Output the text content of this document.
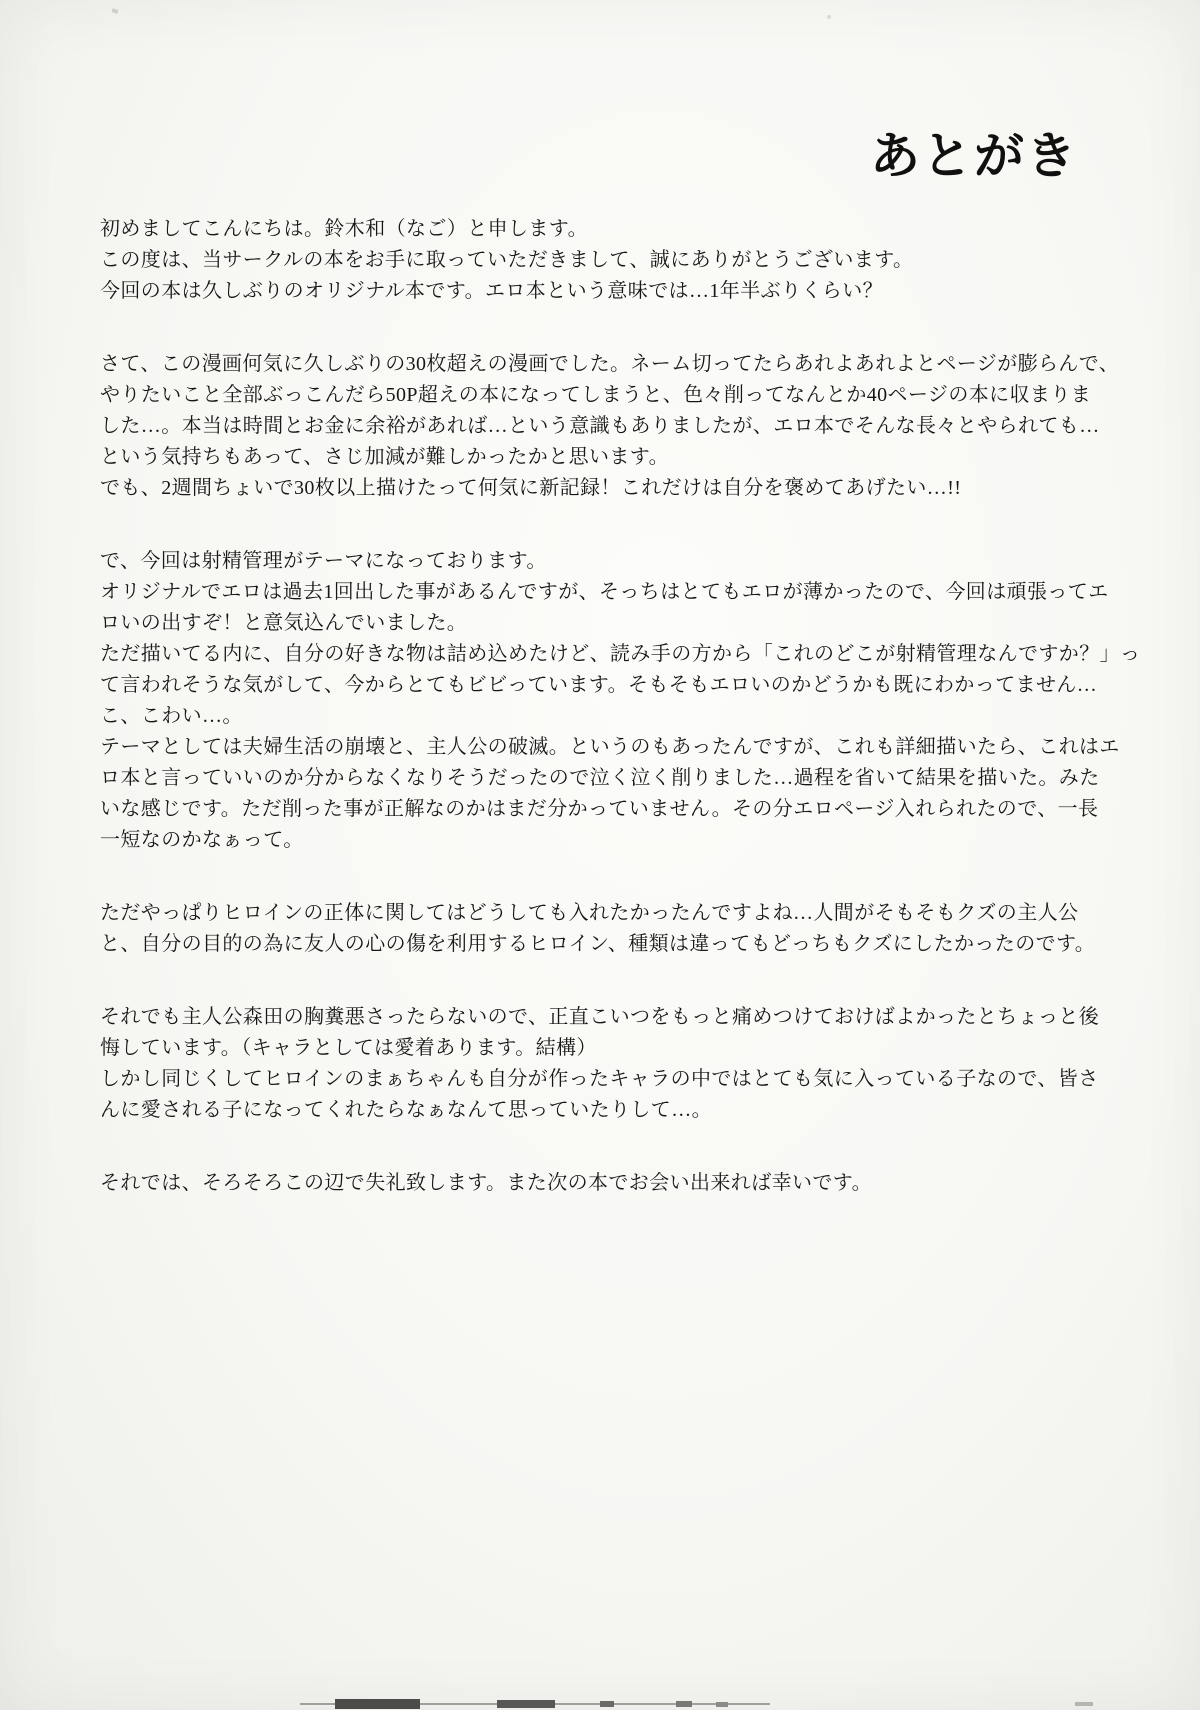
あとがき
初めましてこんにちは。鈴木和（なご）と申します。
この度は、当サークルの本をお手に取っていただきまして、誠にありがとうございます。
今回の本は久しぶりのオリジナル本です。エロ本という意味では…1年半ぶりくらい？
さて、この漫画何気に久しぶりの30枚超えの漫画でした。ネーム切ってたらあれよあれよとページが膨らんで、
やりたいこと全部ぶっこんだら50P超えの本になってしまうと、色々削ってなんとか40ページの本に収まりま
した…。本当は時間とお金に余裕があれば…という意識もありましたが、エロ本でそんな長々とやられても…
という気持ちもあって、さじ加減が難しかったかと思います。
でも、2週間ちょいで30枚以上描けたって何気に新記録！これだけは自分を褒めてあげたい…!!
で、今回は射精管理がテーマになっております。
オリジナルでエロは過去1回出した事があるんですが、そっちはとてもエロが薄かったので、今回は頑張ってエ
ロいの出すぞ！と意気込んでいました。
ただ描いてる内に、自分の好きな物は詰め込めたけど、読み手の方から「これのどこが射精管理なんですか？」っ
て言われそうな気がして、今からとてもビビっています。そもそもエロいのかどうかも既にわかってません…
こ、こわい…。
テーマとしては夫婦生活の崩壊と、主人公の破滅。というのもあったんですが、これも詳細描いたら、これはエ
ロ本と言っていいのか分からなくなりそうだったので泣く泣く削りました…過程を省いて結果を描いた。みた
いな感じです。ただ削った事が正解なのかはまだ分かっていません。その分エロページ入れられたので、一長
一短なのかなぁって。
ただやっぱりヒロインの正体に関してはどうしても入れたかったんですよね…人間がそもそもクズの主人公
と、自分の目的の為に友人の心の傷を利用するヒロイン、種類は違ってもどっちもクズにしたかったのです。
それでも主人公森田の胸糞悪さったらないので、正直こいつをもっと痛めつけておけばよかったとちょっと後
悔しています。（キャラとしては愛着あります。結構）
しかし同じくしてヒロインのまぁちゃんも自分が作ったキャラの中ではとても気に入っている子なので、皆さ
んに愛される子になってくれたらなぁなんて思っていたりして…。
それでは、そろそろこの辺で失礼致します。また次の本でお会い出来れば幸いです。
